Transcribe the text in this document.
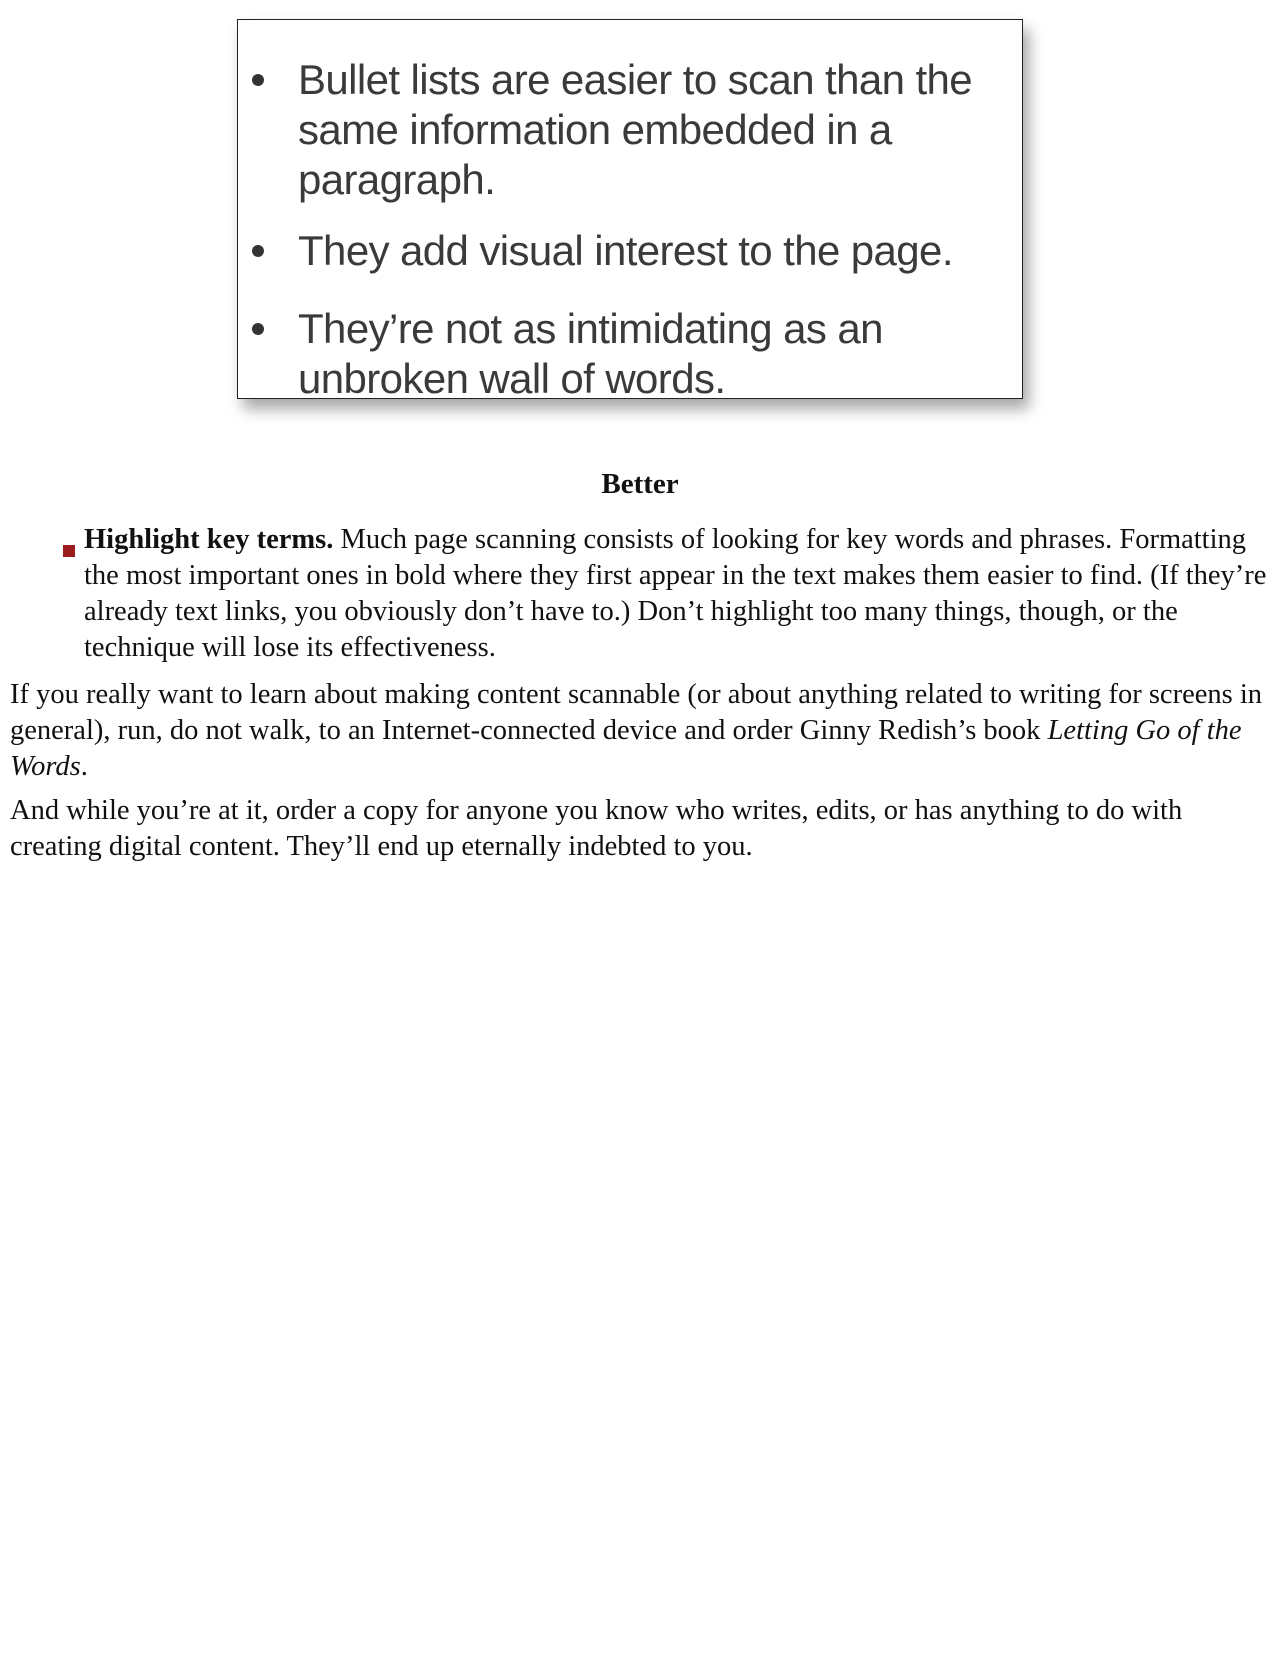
Bullet lists are easier to scan than the same information embedded in a paragraph.
They add visual interest to the page.
They’re not as intimidating as an unbroken wall of words.
Better
Highlight key terms. Much page scanning consists of looking for key words and phrases. Formatting the most important ones in bold where they first appear in the text makes them easier to find. (If they’re already text links, you obviously don’t have to.) Don’t highlight too many things, though, or the technique will lose its effectiveness.

If you really want to learn about making content scannable (or about anything related to writing for screens in general), run, do not walk, to an Internet-connected device and order Ginny Redish’s book Letting Go of the Words.

And while you’re at it, order a copy for anyone you know who writes, edits, or has anything to do with creating digital content. They’ll end up eternally indebted to you.
